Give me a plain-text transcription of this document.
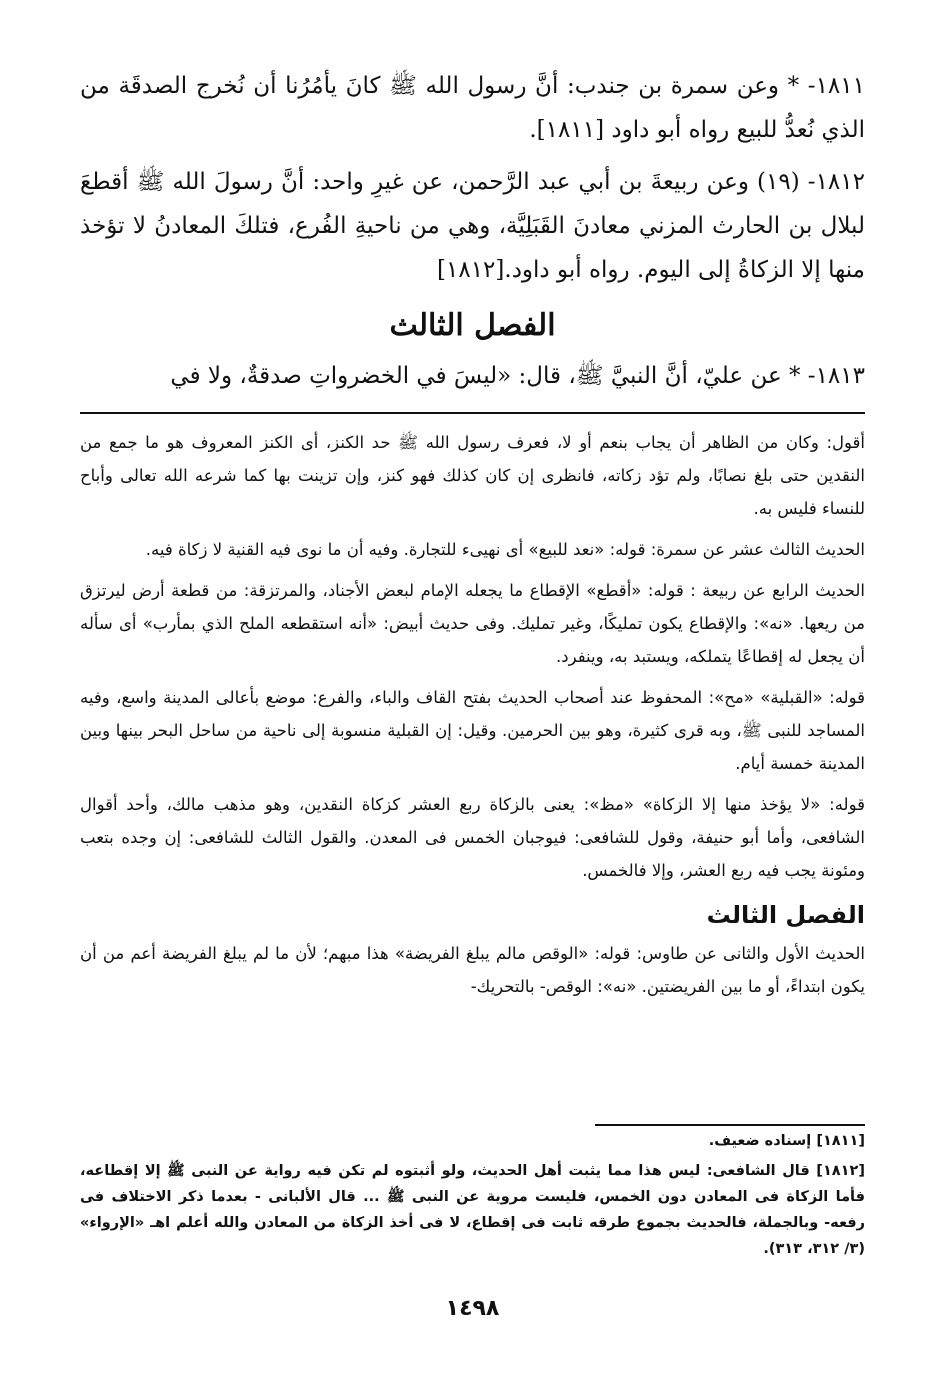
١٨١١- * وعن سمرة بن جندب: أنَّ رسول الله ﷺ كانَ يأمُرُنا أن نُخرج الصدقَة من الذي نُعدُّ للبيع رواه أبو داود [١٨١١].

١٨١٢- (١٩) وعن ربيعةَ بن أبي عبد الرَّحمن، عن غيرِ واحد: أنَّ رسولَ الله ﷺ أقطعَ لبلال بن الحارث المزني معادنَ القَبَلِيَّة، وهي من ناحيةِ الفُرع، فتلكَ المعادنُ لا تؤخذ منها إلا الزكاةُ إلى اليوم. رواه أبو داود.[١٨١٢]

الفصل الثالث

١٨١٣- * عن عليّ، أنَّ النبيَّ ﷺ، قال: «ليسَ في الخضرواتِ صدقةٌ، ولا في

أقول: وكان من الظاهر أن يجاب بنعم أو لا، فعرف رسول الله ﷺ حد الكنز، أى الكنز المعروف هو ما جمع من النقدين حتى بلغ نصابًا، ولم تؤد زكاته، فانظرى إن كان كذلك فهو كنز، وإن تزينت بها كما شرعه الله تعالى وأباح للنساء فليس به.

الحديث الثالث عشر عن سمرة: قوله: «نعد للبيع» أى نهيىء للتجارة. وفيه أن ما نوى فيه القنية لا زكاة فيه.

الحديث الرابع عن ربيعة : قوله: «أقطع» الإقطاع ما يجعله الإمام لبعض الأجناد، والمرتزقة: من قطعة أرض ليرتزق من ريعها. «نه»: والإقطاع يكون تمليكًا، وغير تمليك. وفى حديث أبيض: «أنه استقطعه الملح الذي بمأرب» أى سأله أن يجعل له إقطاعًا يتملكه، ويستبد به، وينفرد.

قوله: «القبلية» «مح»: المحفوظ عند أصحاب الحديث بفتح القاف والباء، والفرع: موضع بأعالى المدينة واسع، وفيه المساجد للنبى ﷺ، وبه قرى كثيرة، وهو بين الحرمين. وقيل: إن القبلية منسوبة إلى ناحية من ساحل البحر بينها وبين المدينة خمسة أيام.

قوله: «لا يؤخذ منها إلا الزكاة» «مظ»: يعنى بالزكاة ربع العشر كزكاة النقدين، وهو مذهب مالك، وأحد أقوال الشافعى، وأما أبو حنيفة، وقول للشافعى: فيوجبان الخمس فى المعدن. والقول الثالث للشافعى: إن وجده بتعب ومئونة يجب فيه ربع العشر، وإلا فالخمس.

الفصل الثالث

الحديث الأول والثانى عن طاوس: قوله: «الوقص مالم يبلغ الفريضة» هذا مبهم؛ لأن ما لم يبلغ الفريضة أعم من أن يكون ابتداءً، أو ما بين الفريضتين. «نه»: الوقص- بالتحريك-

[١٨١١] إسناده ضعيف.

[١٨١٢] قال الشافعى: ليس هذا مما يثبت أهل الحديث، ولو أثبتوه لم تكن فيه رواية عن النبى ﷺ إلا إقطاعه، فأما الزكاة فى المعادن دون الخمس، فليست مروية عن النبى ﷺ ... قال الألبانى - بعدما ذكر الاختلاف فى رفعه- وبالجملة، فالحديث بجموع طرقه ثابت فى إقطاع، لا فى أخذ الزكاة من المعادن والله أعلم اهـ «الإرواء» (٣/ ٣١٢، ٣١٣).

١٤٩٨
